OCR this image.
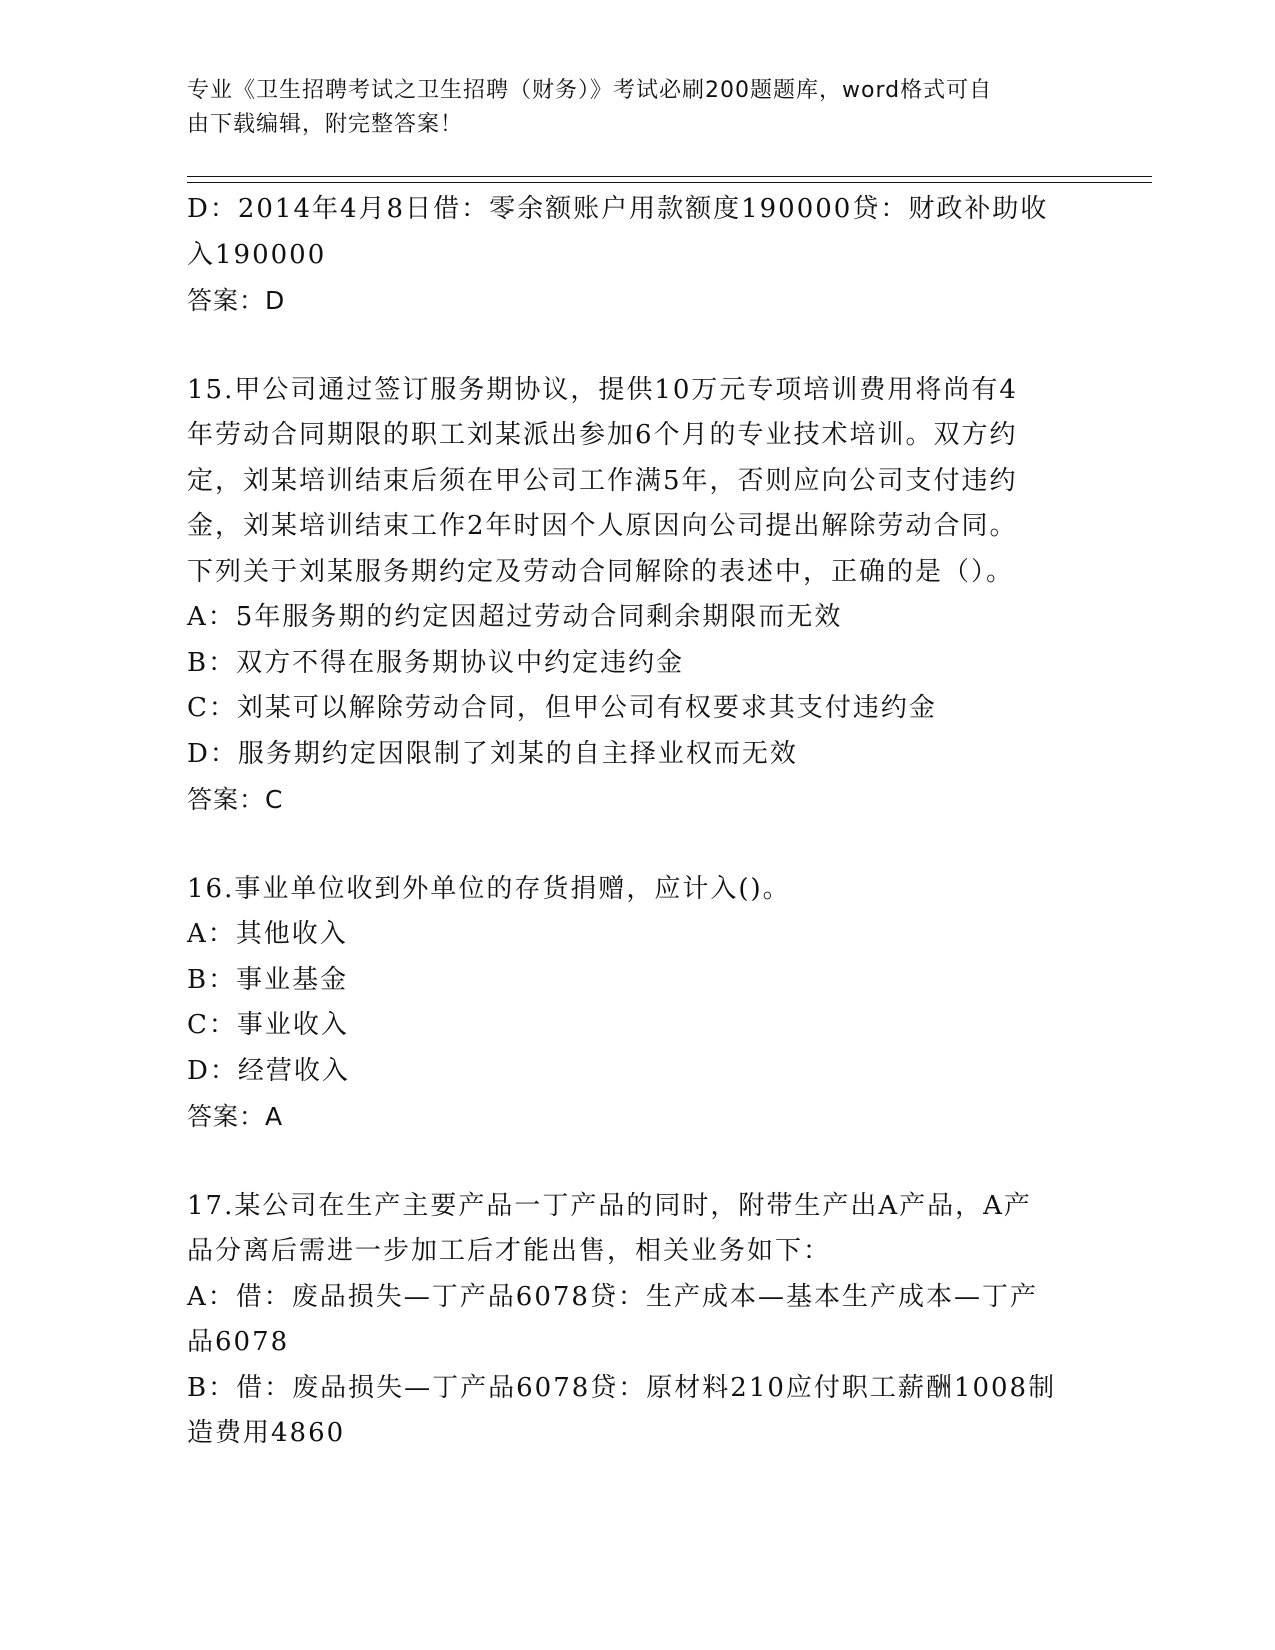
专业《卫生招聘考试之卫生招聘（财务）》考试必刷200题题库，word格式可自
由下载编辑，附完整答案！
D：2014年4月8日借：零余额账户用款额度190000贷：财政补助收
入190000
答案：D
15.甲公司通过签订服务期协议，提供10万元专项培训费用将尚有4
年劳动合同期限的职工刘某派出参加6个月的专业技术培训。双方约
定，刘某培训结束后须在甲公司工作满5年，否则应向公司支付违约
金，刘某培训结束工作2年时因个人原因向公司提出解除劳动合同。
下列关于刘某服务期约定及劳动合同解除的表述中，正确的是（）。
A：5年服务期的约定因超过劳动合同剩余期限而无效
B：双方不得在服务期协议中约定违约金
C：刘某可以解除劳动合同，但甲公司有权要求其支付违约金
D：服务期约定因限制了刘某的自主择业权而无效
答案：C
16.事业单位收到外单位的存货捐赠，应计入()。
A：其他收入
B：事业基金
C：事业收入
D：经营收入
答案：A
17.某公司在生产主要产品一丁产品的同时，附带生产出A产品，A产
品分离后需进一步加工后才能出售，相关业务如下：
A：借：废品损失—丁产品6078贷：生产成本—基本生产成本—丁产
品6078
B：借：废品损失—丁产品6078贷：原材料210应付职工薪酬1008制
造费用4860
